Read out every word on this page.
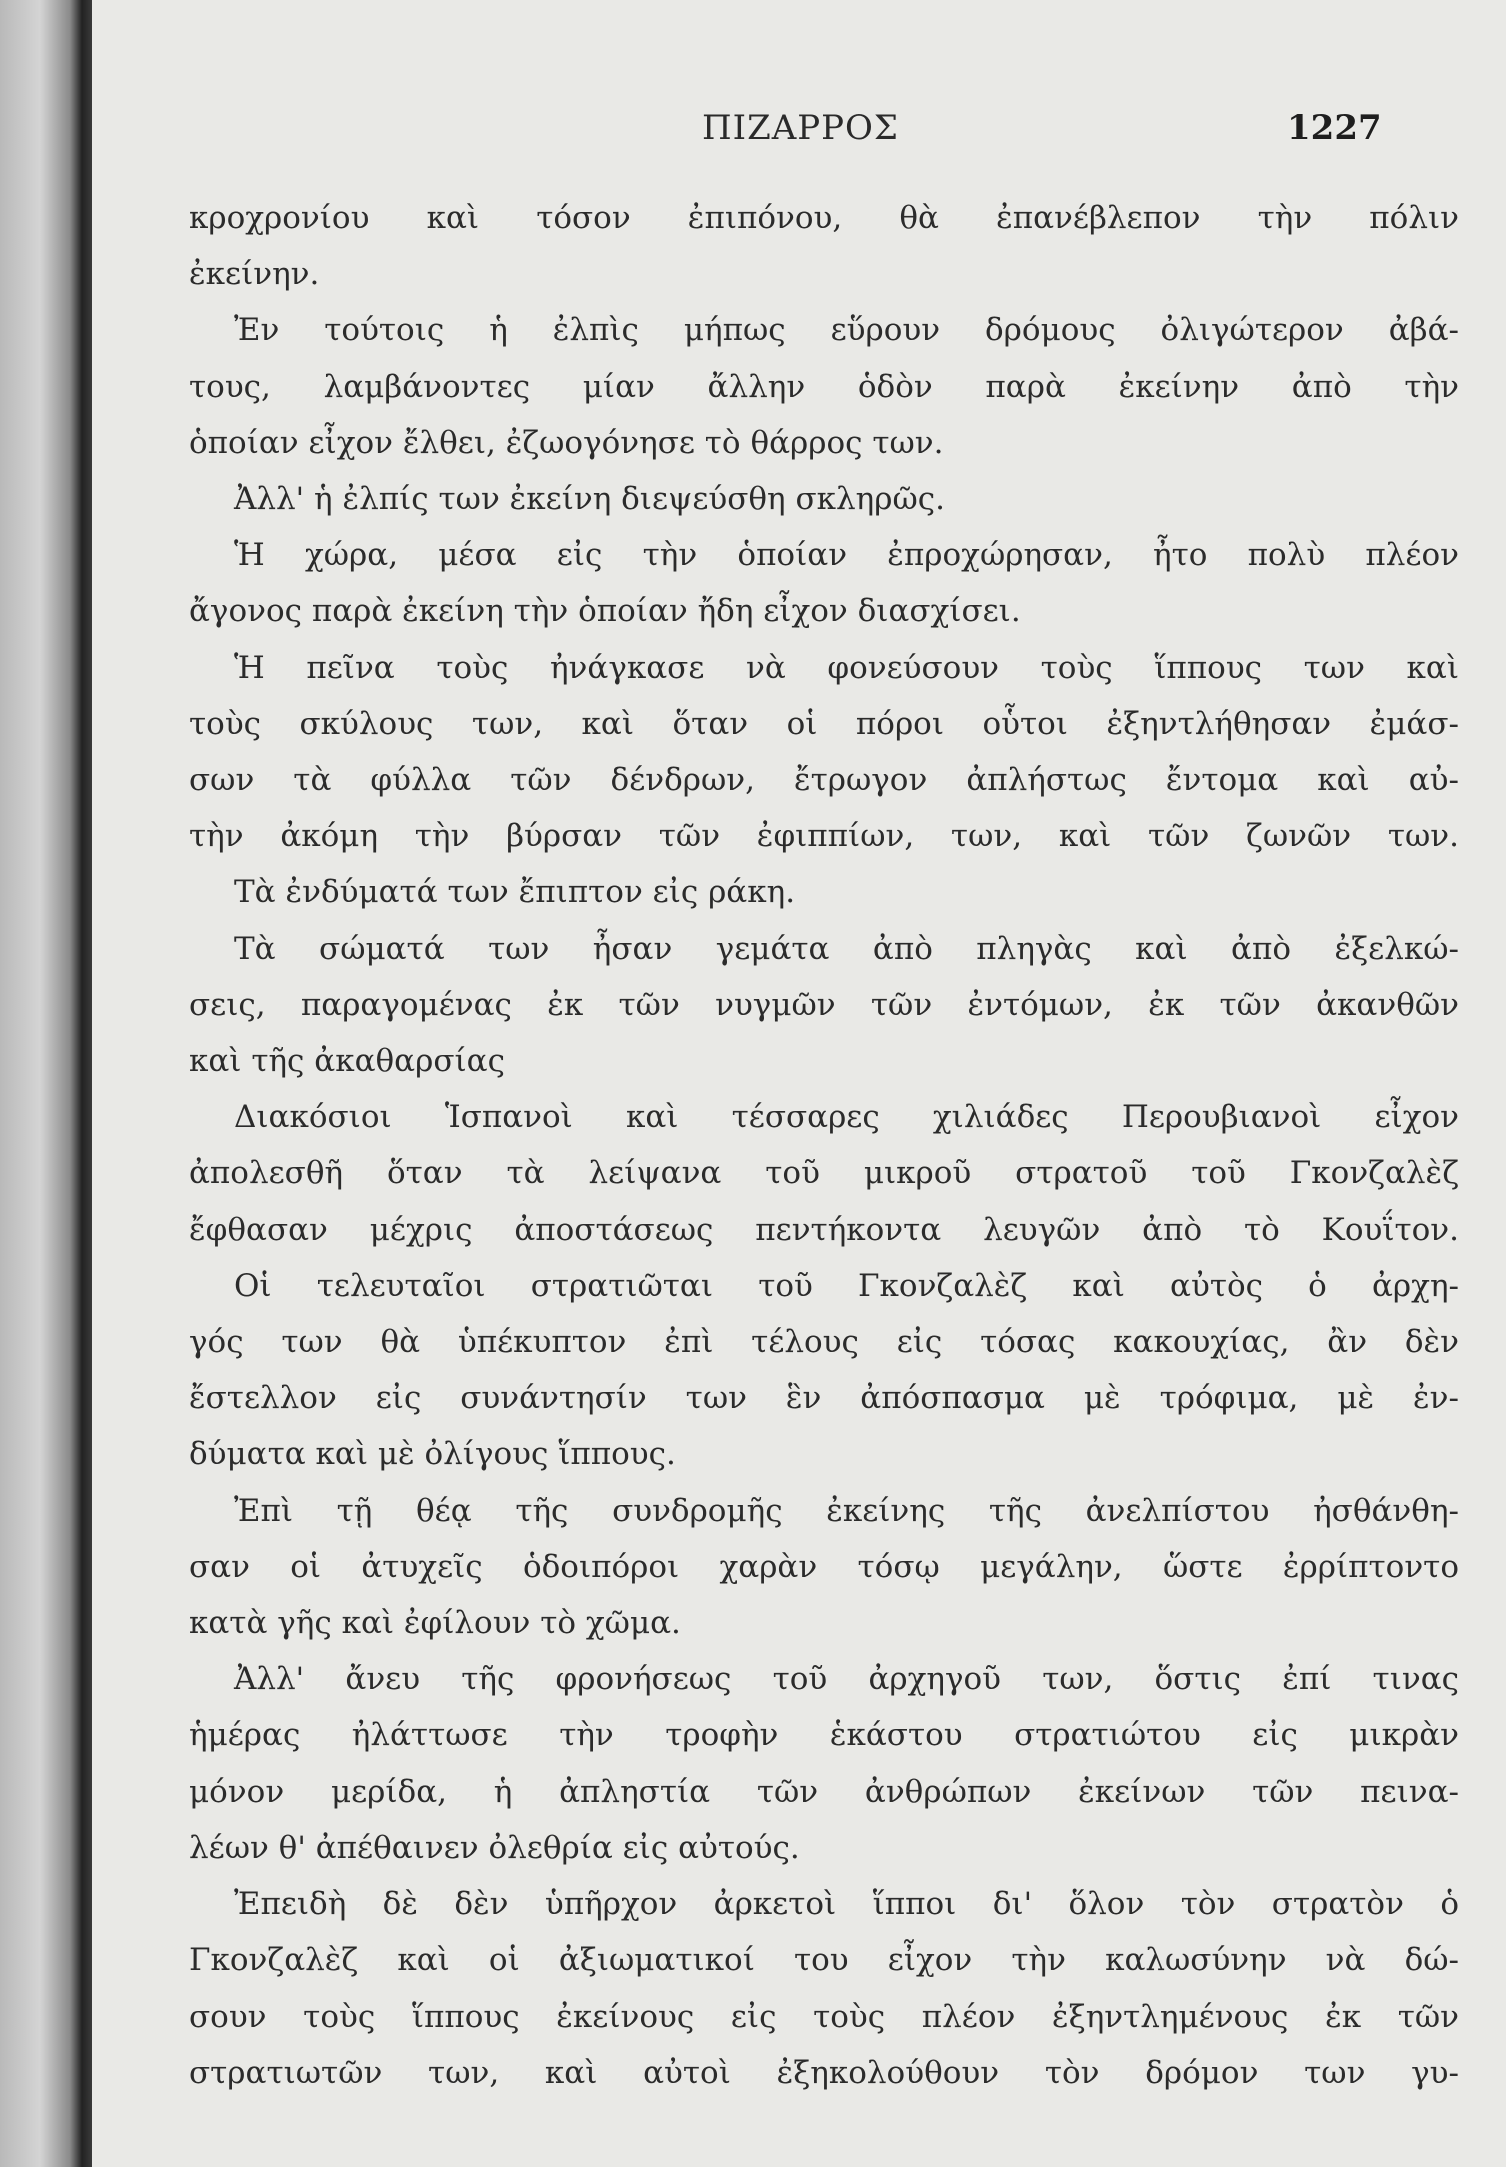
ΠΙΖΑΡΡΟΣ	1227
κροχρονίου καὶ τόσον ἐπιπόνου, θὰ ἐπανέβλεπον τὴν πόλιν
ἐκείνην.
Ἐν τούτοις ἡ ἐλπὶς μήπως εὕρουν δρόμους ὀλιγώτερον ἀβά-
τους, λαμβάνοντες μίαν ἄλλην ὁδὸν παρὰ ἐκείνην ἀπὸ τὴν
ὁποίαν εἶχον ἔλθει, ἐζωογόνησε τὸ θάρρος των.
Ἀλλ' ἡ ἐλπίς των ἐκείνη διεψεύσθη σκληρῶς.
Ἡ χώρα, μέσα εἰς τὴν ὁποίαν ἐπροχώρησαν, ἦτο πολὺ πλέον
ἄγονος παρὰ ἐκείνη τὴν ὁποίαν ἤδη εἶχον διασχίσει.
Ἡ πεῖνα τοὺς ἠνάγκασε νὰ φονεύσουν τοὺς ἵππους των καὶ
τοὺς σκύλους των, καὶ ὅταν οἱ πόροι οὗτοι ἐξηντλήθησαν ἐμάσ-
σων τὰ φύλλα τῶν δένδρων, ἔτρωγον ἀπλήστως ἔντομα καὶ αὐ-
τὴν ἀκόμη τὴν βύρσαν τῶν ἐφιππίων, των, καὶ τῶν ζωνῶν των.
Τὰ ἐνδύματά των ἔπιπτον εἰς ράκη.
Τὰ σώματά των ἦσαν γεμάτα ἀπὸ πληγὰς καὶ ἀπὸ ἐξελκώ-
σεις, παραγομένας ἐκ τῶν νυγμῶν τῶν ἐντόμων, ἐκ τῶν ἀκανθῶν
καὶ τῆς ἀκαθαρσίας
Διακόσιοι Ἱσπανοὶ καὶ τέσσαρες χιλιάδες Περουβιανοὶ εἶχον
ἀπολεσθῆ ὅταν τὰ λείψανα τοῦ μικροῦ στρατοῦ τοῦ Γκονζαλὲζ
ἔφθασαν μέχρις ἀποστάσεως πεντήκοντα λευγῶν ἀπὸ τὸ Κουΐτον.
Οἱ τελευταῖοι στρατιῶται τοῦ Γκονζαλὲζ καὶ αὐτὸς ὁ ἀρχη-
γός των θὰ ὑπέκυπτον ἐπὶ τέλους εἰς τόσας κακουχίας, ἂν δὲν
ἔστελλον εἰς συνάντησίν των ἓν ἀπόσπασμα μὲ τρόφιμα, μὲ ἐν-
δύματα καὶ μὲ ὀλίγους ἵππους.
Ἐπὶ τῇ θέᾳ τῆς συνδρομῆς ἐκείνης τῆς ἀνελπίστου ἠσθάνθη-
σαν οἱ ἀτυχεῖς ὁδοιπόροι χαρὰν τόσῳ μεγάλην, ὥστε ἐρρίπτοντο
κατὰ γῆς καὶ ἐφίλουν τὸ χῶμα.
Ἀλλ' ἄνευ τῆς φρονήσεως τοῦ ἀρχηγοῦ των, ὅστις ἐπί τινας
ἡμέρας ἠλάττωσε τὴν τροφὴν ἑκάστου στρατιώτου εἰς μικρὰν
μόνον μερίδα, ἡ ἀπληστία τῶν ἀνθρώπων ἐκείνων τῶν πεινα-
λέων θ' ἀπέθαινεν ὀλεθρία εἰς αὐτούς.
Ἐπειδὴ δὲ δὲν ὑπῆρχον ἀρκετοὶ ἵπποι δι' ὅλον τὸν στρατὸν ὁ
Γκονζαλὲζ καὶ οἱ ἀξιωματικοί του εἶχον τὴν καλωσύνην νὰ δώ-
σουν τοὺς ἵππους ἐκείνους εἰς τοὺς πλέον ἐξηντλημένους ἐκ τῶν
στρατιωτῶν των, καὶ αὐτοὶ ἐξηκολούθουν τὸν δρόμον των γυ-
